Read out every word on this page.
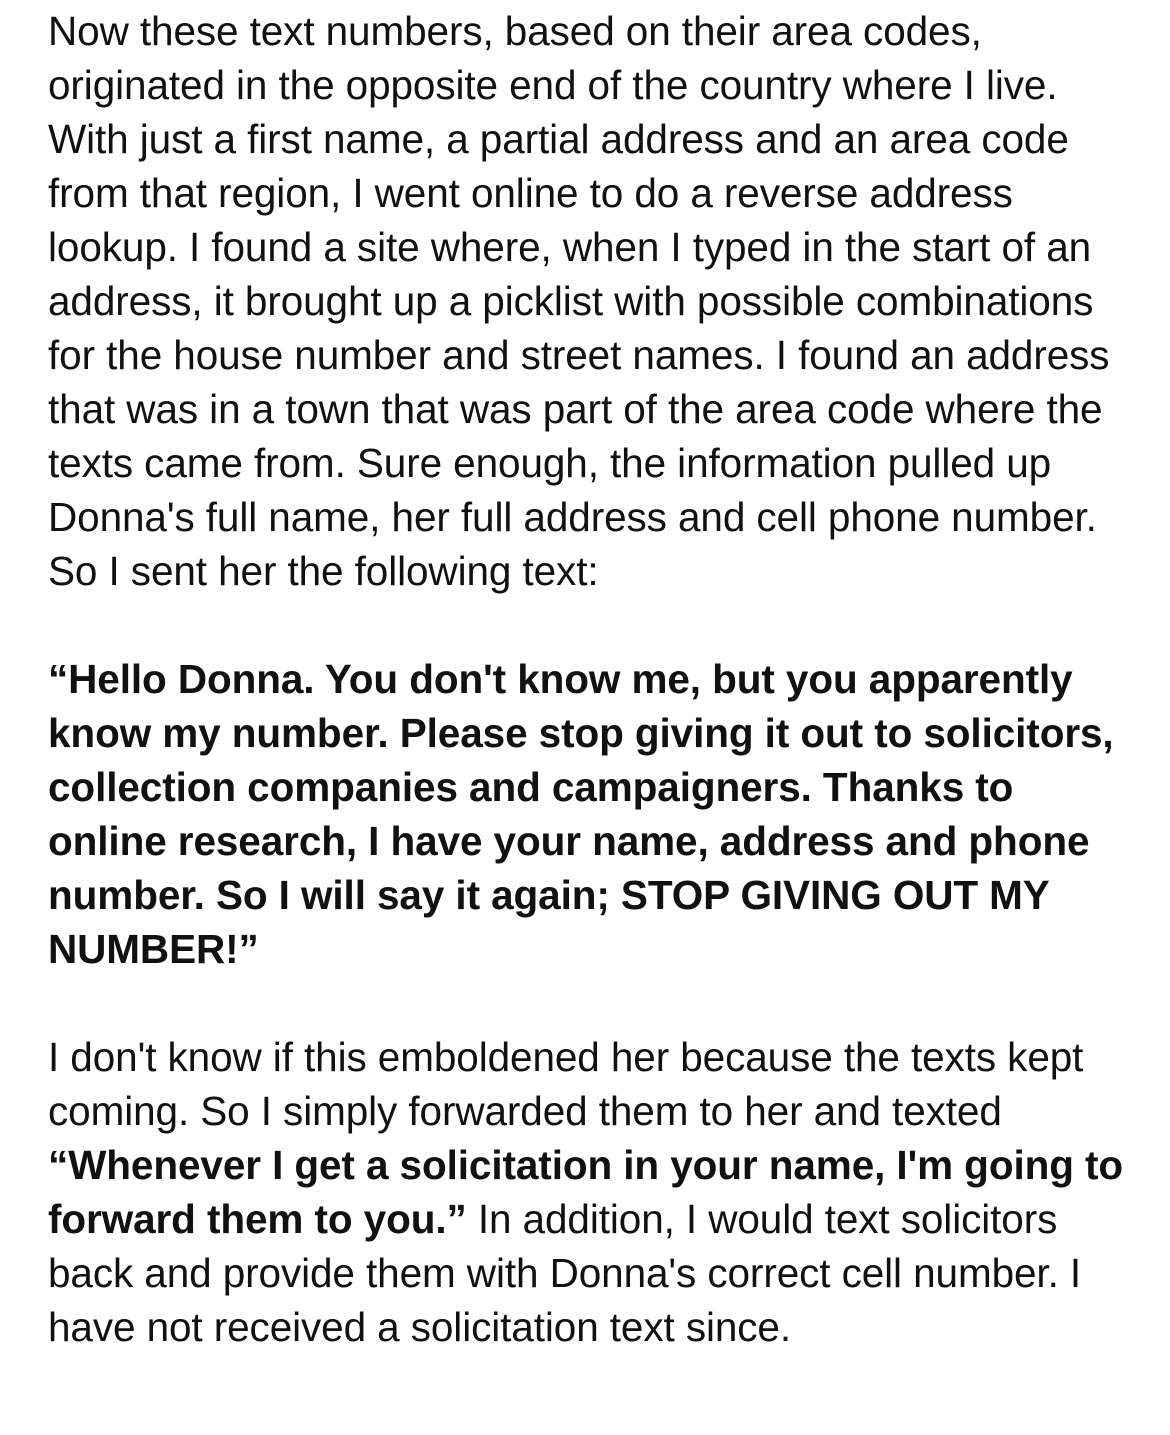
Now these text numbers, based on their area codes, originated in the opposite end of the country where I live. With just a first name, a partial address and an area code from that region, I went online to do a reverse address lookup. I found a site where, when I typed in the start of an address, it brought up a picklist with possible combinations for the house number and street names. I found an address that was in a town that was part of the area code where the texts came from. Sure enough, the information pulled up Donna's full name, her full address and cell phone number. So I sent her the following text:

“Hello Donna. You don't know me, but you apparently know my number. Please stop giving it out to solicitors, collection companies and campaigners. Thanks to online research, I have your name, address and phone number. So I will say it again; STOP GIVING OUT MY NUMBER!”

I don't know if this emboldened her because the texts kept coming. So I simply forwarded them to her and texted “Whenever I get a solicitation in your name, I'm going to forward them to you.” In addition, I would text solicitors back and provide them with Donna's correct cell number. I have not received a solicitation text since.
